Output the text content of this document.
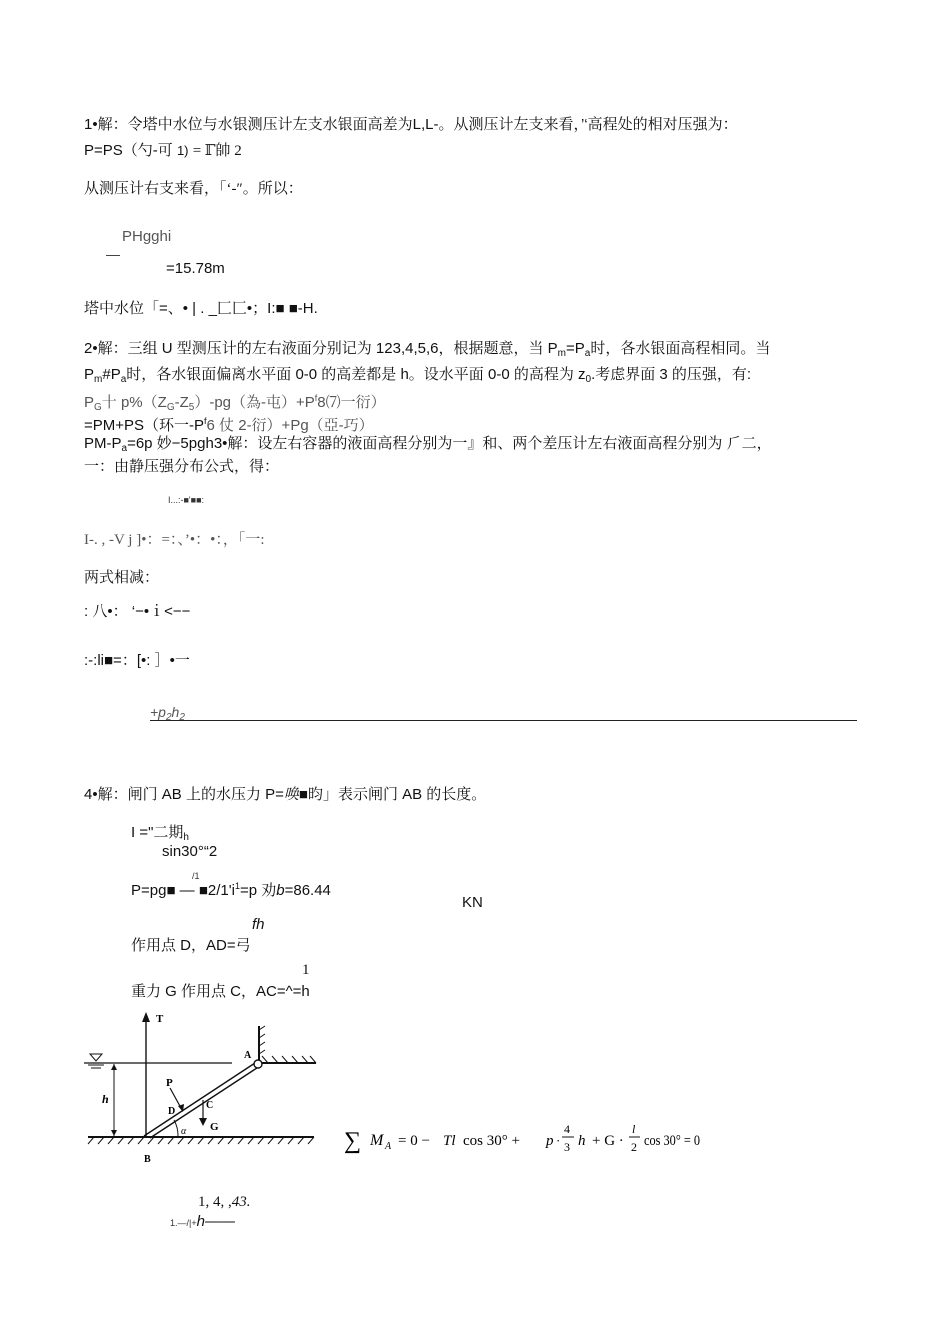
1•解：令塔中水位与水银测压计左支水银面高差为L,L-。从测压计左支来看，’‘高程处的相对压强为：
P=PS（勺-可 1) = ℾ帥 2
从测压计右支来看，「‘-″。所以：
PHgghi
=15.78m
塔中水位「=、• | . _匚匚•；I:■ ■-H.
2•解：三组 U 型测压计的左右液面分别记为 123,4,5,6，根据题意，当 $P_m=P_a$时，各水银面高程相同。当
$P_m\#P_a$时，各水银面偏离水平面 0-0 的高差都是 h。设水平面 0-0 的高程为 $z_0$.考虑界面 3 的压强，有:
$P_G$十 $p\%(Z_G-Z_5)-pg$（為-屯）$+P^f8⑺$一衍）
=PM+PS（环一$-P^f6$ 仗 2-衍）+Pg（亞-巧）
$PM-P_a=6p$ 妙−5pgh3•解：设左右容器的液面高程分别为一』和、两个差压计左右液面高程分别为 ⺁二，
一：由静压强分布公式，得：
I...:-■'■■:
I-. , -V j ]•：=：、’•：•：，「一:
两式相减：
: 八•： ‘−•ｉ<−−
:-:li■=：[•: ］•一
$+p_2h_2$
4•解：闸门 AB 上的水压力 P=唤■昀」表示闸门 AB 的长度。
I ="二期$_h$
sin30°“2
/1
P=pg■ — $■2/1'i^1=p$ 劝b=86.44
KN
fh
作用点 D，AD=弓
1
重力 G 作用点 C，AC=^=h
h
T
A
P
D
C
G
α
B
∑ M A = 0 − Tl cos 30° + p ·
4
3 h + G ·
l
2 cos 30° = 0
1, 4, ,43.
1.—/|+h——
